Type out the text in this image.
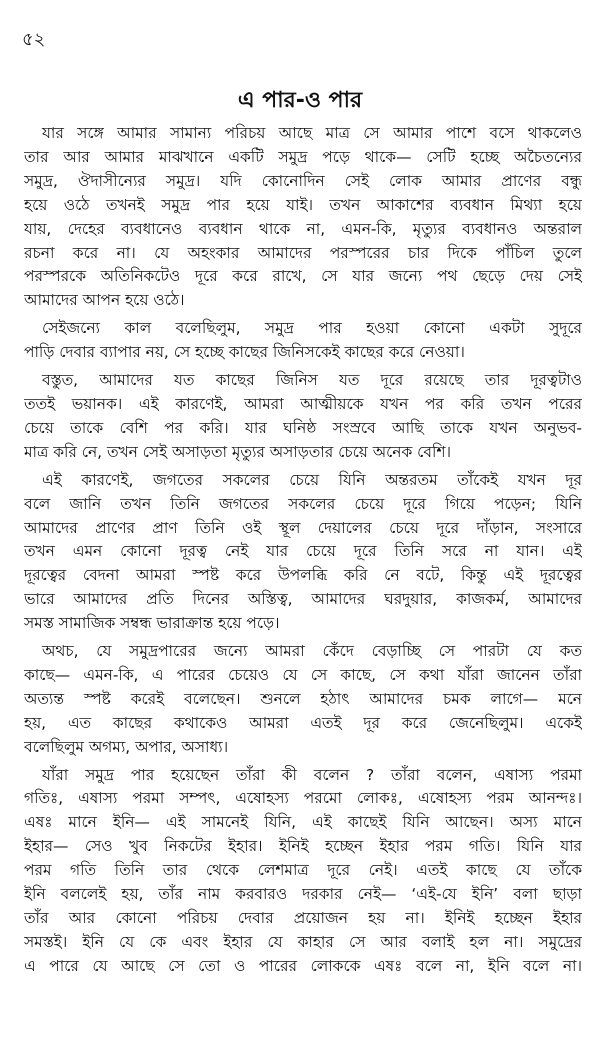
৫২
এ পার-ও পার

যার সঙ্গে আমার সামান্য পরিচয় আছে মাত্র সে আমার পাশে বসে থাকলেও
তার আর আমার মাঝখানে একটি সমুদ্র পড়ে থাকে— সেটি হচ্ছে অচৈতন্যের
সমুদ্র, ঔদাসীন্যের সমুদ্র। যদি কোনোদিন সেই লোক আমার প্রাণের বন্ধু
হয়ে ওঠে তখনই সমুদ্র পার হয়ে যাই। তখন আকাশের ব্যবধান মিথ্যা হয়ে
যায়, দেহের ব্যবধানেও ব্যবধান থাকে না, এমন-কি, মৃত্যুর ব্যবধানও অন্তরাল
রচনা করে না। যে অহংকার আমাদের পরস্পরের চার দিকে পাঁচিল তুলে
পরস্পরকে অতিনিকটেও দূরে করে রাখে, সে যার জন্যে পথ ছেড়ে দেয় সেই
আমাদের আপন হয়ে ওঠে।

সেইজন্যে কাল বলেছিলুম, সমুদ্র পার হওয়া কোনো একটা সুদূরে
পাড়ি দেবার ব্যাপার নয়, সে হচ্ছে কাছের জিনিসকেই কাছের করে নেওয়া।

বস্তুত, আমাদের যত কাছের জিনিস যত দূরে রয়েছে তার দূরত্বটাও
ততই ভয়ানক। এই কারণেই, আমরা আত্মীয়কে যখন পর করি তখন পরের
চেয়ে তাকে বেশি পর করি। যার ঘনিষ্ঠ সংস্রবে আছি তাকে যখন অনুভব-
মাত্র করি নে, তখন সেই অসাড়তা মৃত্যুর অসাড়তার চেয়ে অনেক বেশি।

এই কারণেই, জগতের সকলের চেয়ে যিনি অন্তরতম তাঁকেই যখন দূর
বলে জানি তখন তিনি জগতের সকলের চেয়ে দূরে গিয়ে পড়েন; যিনি
আমাদের প্রাণের প্রাণ তিনি ওই স্থূল দেয়ালের চেয়ে দূরে দাঁড়ান, সংসারে
তখন এমন কোনো দূরত্ব নেই যার চেয়ে দূরে তিনি সরে না যান। এই
দূরত্বের বেদনা আমরা স্পষ্ট করে উপলব্ধি করি নে বটে, কিন্তু এই দূরত্বের
ভারে আমাদের প্রতি দিনের অস্তিত্ব, আমাদের ঘরদুয়ার, কাজকর্ম, আমাদের
সমস্ত সামাজিক সম্বন্ধ ভারাক্রান্ত হয়ে পড়ে।

অথচ, যে সমুদ্রপারের জন্যে আমরা কেঁদে বেড়াচ্ছি সে পারটা যে কত
কাছে— এমন-কি, এ পারের চেয়েও যে সে কাছে, সে কথা যাঁরা জানেন তাঁরা
অত্যন্ত স্পষ্ট করেই বলেছেন। শুনলে হঠাৎ আমাদের চমক লাগে— মনে
হয়, এত কাছের কথাকেও আমরা এতই দূর করে জেনেছিলুম। একেই
বলেছিলুম অগম্য, অপার, অসাধ্য।

যাঁরা সমুদ্র পার হয়েছেন তাঁরা কী বলেন ? তাঁরা বলেন, এষাস্য পরমা
গতিঃ, এষাস্য পরমা সম্পৎ, এষোহস্য পরমো লোকঃ, এষোহস্য পরম আনন্দঃ।
এষঃ মানে ইনি— এই সামনেই যিনি, এই কাছেই যিনি আছেন। অস্য মানে
ইহার— সেও খুব নিকটের ইহার। ইনিই হচ্ছেন ইহার পরম গতি। যিনি যার
পরম গতি তিনি তার থেকে লেশমাত্র দূরে নেই। এতই কাছে যে তাঁকে
ইনি বললেই হয়, তাঁর নাম করবারও দরকার নেই— ‘এই-যে ইনি’ বলা ছাড়া
তাঁর আর কোনো পরিচয় দেবার প্রয়োজন হয় না। ইনিই হচ্ছেন ইহার
সমস্তই। ইনি যে কে এবং ইহার যে কাহার সে আর বলাই হল না। সমুদ্রের
এ পারে যে আছে সে তো ও পারের লোককে এষঃ বলে না, ইনি বলে না।
